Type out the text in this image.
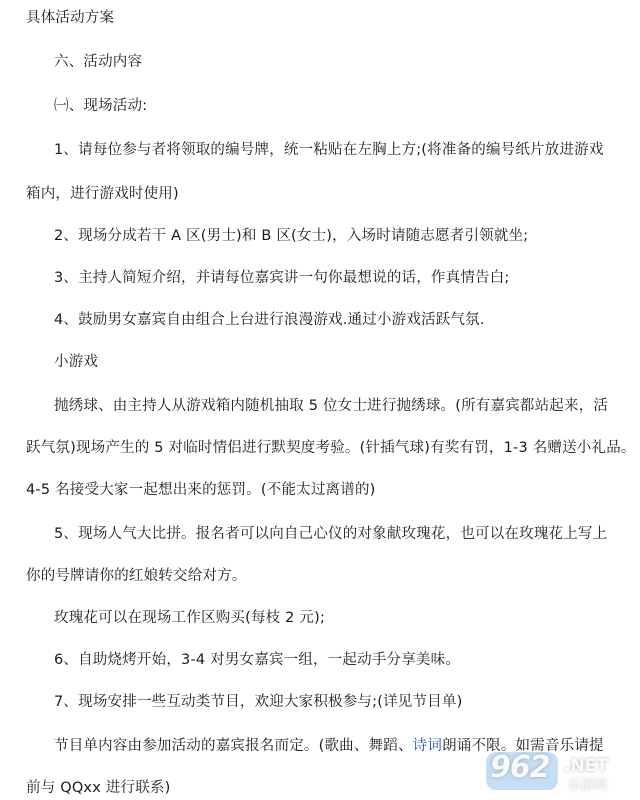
具体活动方案
六、活动内容
㈠、现场活动:
1、请每位参与者将领取的编号牌，统一粘贴在左胸上方;(将准备的编号纸片放进游戏
箱内，进行游戏时使用)
2、现场分成若干 A 区(男士)和 B 区(女士)，入场时请随志愿者引领就坐;
3、主持人简短介绍，并请每位嘉宾讲一句你最想说的话，作真情告白;
4、鼓励男女嘉宾自由组合上台进行浪漫游戏.通过小游戏活跃气氛.
小游戏
抛绣球、由主持人从游戏箱内随机抽取 5 位女士进行抛绣球。(所有嘉宾都站起来，活
跃气氛)现场产生的 5 对临时情侣进行默契度考验。(针插气球)有奖有罚，1-3 名赠送小礼品。
4-5 名接受大家一起想出来的惩罚。(不能太过离谱的)
5、现场人气大比拼。报名者可以向自己心仪的对象献玫瑰花，也可以在玫瑰花上写上
你的号牌请你的红娘转交给对方。
玫瑰花可以在现场工作区购买(每枝 2 元);
6、自助烧烤开始，3-4 对男女嘉宾一组，一起动手分享美味。
7、现场安排一些互动类节目，欢迎大家积极参与;(详见节目单)
节目单内容由参加活动的嘉宾报名而定。(歌曲、舞蹈、诗词朗诵不限。如需音乐请提
前与 QQxx 进行联系)
962 .NET
乐游网
